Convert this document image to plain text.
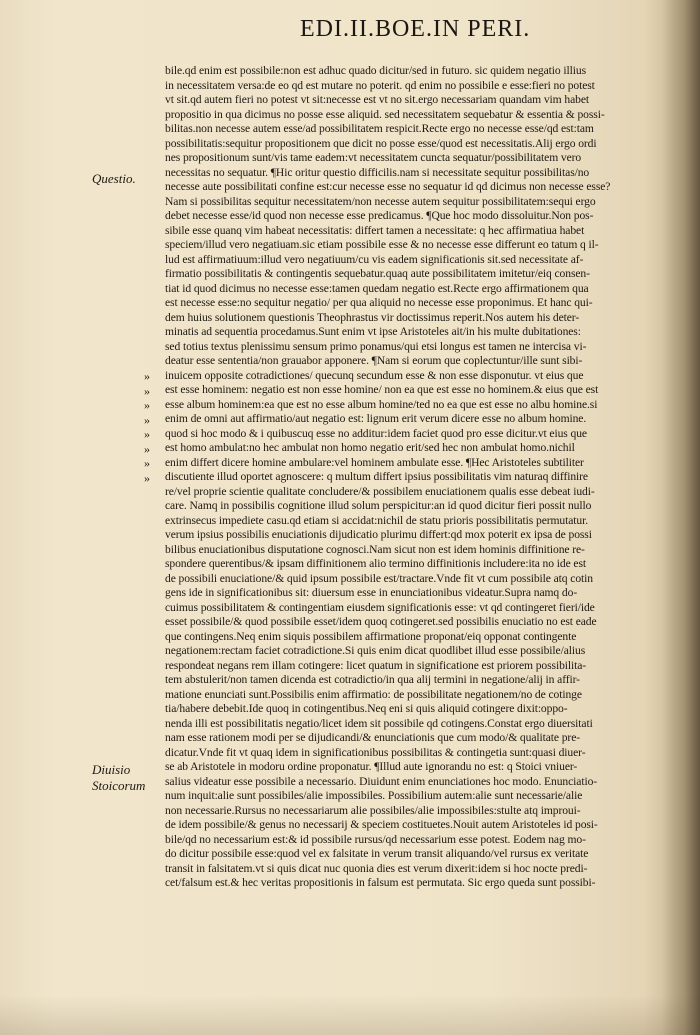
EDI.II.BOE.IN PERI.
Questio.
Diuisio
Stoicorum
»
»
»
»
»
»
»
»
bile.qd enim est possibile:non est adhuc quado dicitur/sed in futuro. sic quidem negatio illius
in necessitatem versa:de eo qd est mutare no poterit. qd enim no possibile e esse:fieri no potest
vt sit.qd autem fieri no potest vt sit:necesse est vt no sit.ergo necessariam quandam vim habet
propositio in qua dicimus no posse esse aliquid. sed necessitatem sequebatur & essentia & possi-
bilitas.non necesse autem esse/ad possibilitatem respicit.Recte ergo no necesse esse/qd est:tam
possibilitatis:sequitur propositionem que dicit no posse esse/quod est necessitatis.Alij ergo ordi
nes propositionum sunt/vis tame eadem:vt necessitatem cuncta sequatur/possibilitatem vero
necessitas no sequatur. ¶Hic oritur questio difficilis.nam si necessitate sequitur possibilitas/no
necesse aute possibilitati confine est:cur necesse esse no sequatur id qd dicimus non necesse esse?
Nam si possibilitas sequitur necessitatem/non necesse autem sequitur possibilitatem:sequi ergo
debet necesse esse/id quod non necesse esse predicamus. ¶Que hoc modo dissoluitur.Non pos-
sibile esse quanq vim habeat necessitatis: differt tamen a necessitate: q hec affirmatiua habet
speciem/illud vero negatiuam.sic etiam possibile esse & no necesse esse differunt eo tatum q il-
lud est affirmatiuum:illud vero negatiuum/cu vis eadem significationis sit.sed necessitate af-
firmatio possibilitatis & contingentis sequebatur.quaq aute possibilitatem imitetur/eiq consen-
tiat id quod dicimus no necesse esse:tamen quedam negatio est.Recte ergo affirmationem qua
est necesse esse:no sequitur negatio/ per qua aliquid no necesse esse proponimus. Et hanc qui-
dem huius solutionem questionis Theophrastus vir doctissimus reperit.Nos autem his deter-
minatis ad sequentia procedamus.Sunt enim vt ipse Aristoteles ait/in his multe dubitationes:
sed totius textus plenissimu sensum primo ponamus/qui etsi longus est tamen ne intercisa vi-
deatur esse sententia/non grauabor apponere. ¶Nam si eorum que coplectuntur/ille sunt sibi-
inuicem opposite cotradictiones/ quecunq secundum esse & non esse disponutur. vt eius que
est esse hominem: negatio est non esse homine/ non ea que est esse no hominem.& eius que est
esse album hominem:ea que est no esse album homine/ted no ea que est esse no albu homine.si
enim de omni aut affirmatio/aut negatio est: lignum erit verum dicere esse no album homine.
quod si hoc modo & i quibuscuq esse no additur:idem faciet quod pro esse dicitur.vt eius que
est homo ambulat:no hec ambulat non homo negatio erit/sed hec non ambulat homo.nichil
enim differt dicere homine ambulare:vel hominem ambulate esse. ¶Hec Aristoteles subtiliter
discutiente illud oportet agnoscere: q multum differt ipsius possibilitatis vim naturaq diffinire
re/vel proprie scientie qualitate concludere/& possibilem enuciationem qualis esse debeat iudi-
care. Namq in possibilis cognitione illud solum perspicitur:an id quod dicitur fieri possit nullo
extrinsecus impediete casu.qd etiam si accidat:nichil de statu prioris possibilitatis permutatur.
verum ipsius possibilis enuciationis dijudicatio plurimu differt:qd mox poterit ex ipsa de possi
bilibus enuciationibus disputatione cognosci.Nam sicut non est idem hominis diffinitione re-
spondere querentibus/& ipsam diffinitionem alio termino diffinitionis includere:ita no ide est
de possibili enuciatione/& quid ipsum possibile est/tractare.Vnde fit vt cum possibile atq cotin
gens ide in significationibus sit: diuersum esse in enunciationibus videatur.Supra namq do-
cuimus possibilitatem & contingentiam eiusdem significationis esse: vt qd contingeret fieri/ide
esset possibile/& quod possibile esset/idem quoq cotingeret.sed possibilis enuciatio no est eade
que contingens.Neq enim siquis possibilem affirmatione proponat/eiq opponat contingente
negationem:rectam faciet cotradictione.Si quis enim dicat quodlibet illud esse possibile/alius
respondeat negans rem illam cotingere: licet quatum in significatione est priorem possibilita-
tem abstulerit/non tamen dicenda est cotradictio/in qua alij termini in negatione/alij in affir-
matione enunciati sunt.Possibilis enim affirmatio: de possibilitate negationem/no de cotinge
tia/habere debebit.Ide quoq in cotingentibus.Neq eni si quis aliquid cotingere dixit:oppo-
nenda illi est possibilitatis negatio/licet idem sit possibile qd cotingens.Constat ergo diuersitati
nam esse rationem modi per se dijudicandi/& enunciationis que cum modo/& qualitate pre-
dicatur.Vnde fit vt quaq idem in significationibus possibilitas & contingetia sunt:quasi diuer-
se ab Aristotele in modoru ordine proponatur. ¶Illud aute ignorandu no est: q Stoici vniuer-
salius videatur esse possibile a necessario. Diuidunt enim enunciationes hoc modo. Enunciatio-
num inquit:alie sunt possibiles/alie impossibiles. Possibilium autem:alie sunt necessarie/alie
non necessarie.Rursus no necessariarum alie possibiles/alie impossibiles:stulte atq improui-
de idem possibile/& genus no necessarij & speciem costituetes.Nouit autem Aristoteles id posi-
bile/qd no necessarium est:& id possibile rursus/qd necessarium esse potest. Eodem nag mo-
do dicitur possibile esse:quod vel ex falsitate in verum transit aliquando/vel rursus ex veritate
transit in falsitatem.vt si quis dicat nuc quonia dies est verum dixerit:idem si hoc nocte predi-
cet/falsum est.& hec veritas propositionis in falsum est permutata. Sic ergo queda sunt possibi-
